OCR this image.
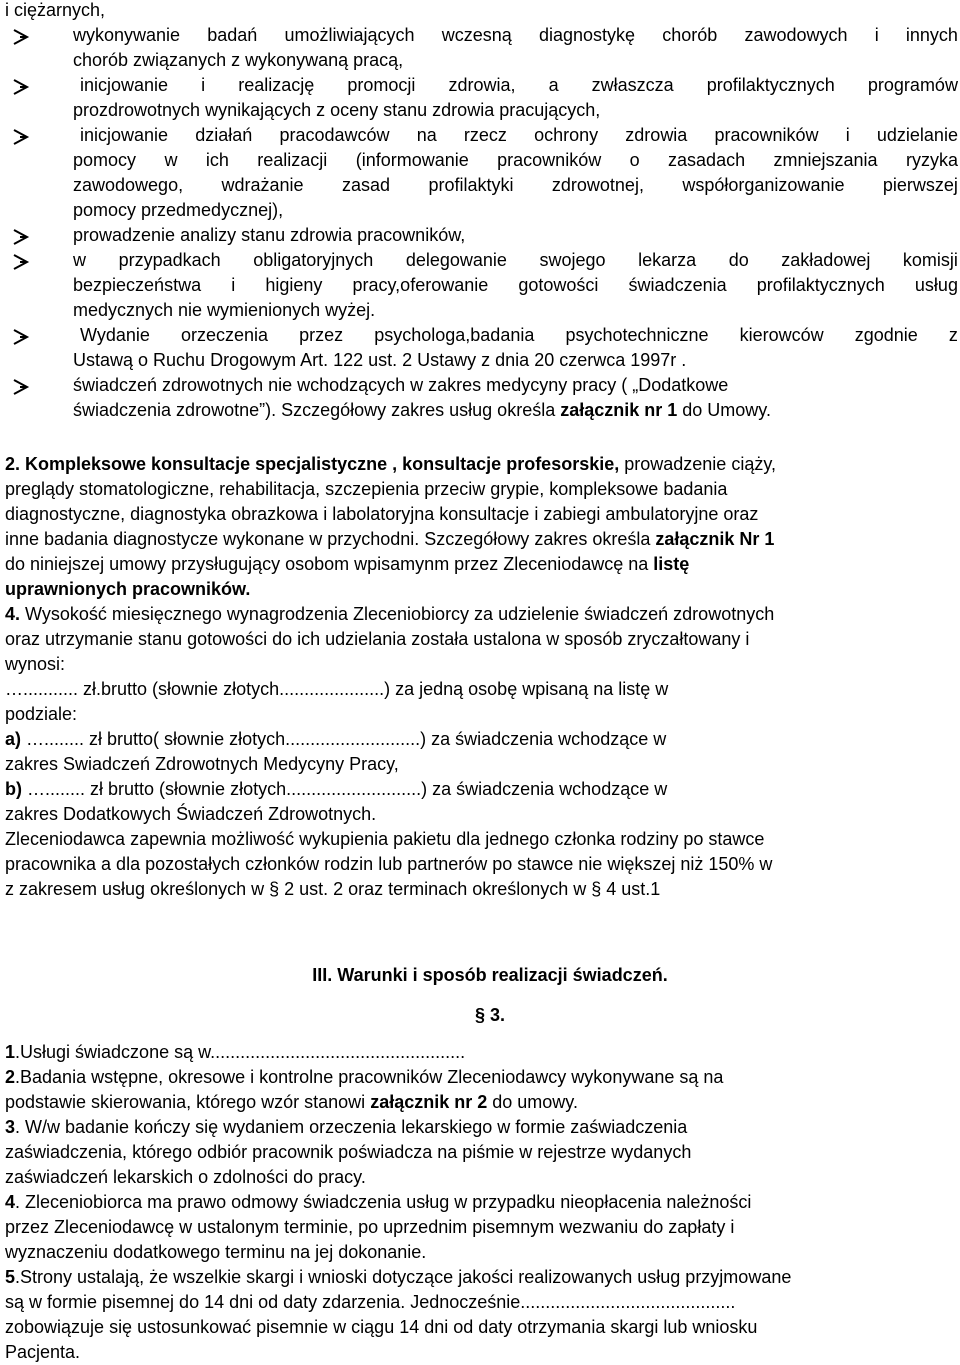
i ciężarnych,
wykonywanie badań umożliwiających wczesną diagnostykę chorób zawodowych i innych
chorób związanych z wykonywaną pracą,
inicjowanie i realizację promocji zdrowia, a zwłaszcza profilaktycznych programów
prozdrowotnych wynikających z oceny stanu zdrowia pracujących,
inicjowanie działań pracodawców na rzecz ochrony zdrowia pracowników i udzielanie
pomocy w ich realizacji (informowanie pracowników o zasadach zmniejszania ryzyka
zawodowego, wdrażanie zasad profilaktyki zdrowotnej, współorganizowanie pierwszej
pomocy przedmedycznej),
prowadzenie analizy stanu zdrowia pracowników,
w przypadkach obligatoryjnych delegowanie swojego lekarza do zakładowej komisji
bezpieczeństwa i higieny pracy,oferowanie gotowości świadczenia profilaktycznych usług
medycznych nie wymienionych wyżej.
Wydanie orzeczenia przez psychologa,badania psychotechniczne kierowców zgodnie z
Ustawą o Ruchu Drogowym Art. 122 ust. 2 Ustawy z dnia 20 czerwca 1997r .
świadczeń zdrowotnych nie wchodzących w zakres medycyny pracy ( „Dodatkowe
świadczenia zdrowotne”). Szczegółowy zakres usług określa załącznik nr 1 do Umowy.
2. Kompleksowe konsultacje specjalistyczne , konsultacje profesorskie, prowadzenie ciąży,
preglądy stomatologiczne, rehabilitacja, szczepienia przeciw grypie, kompleksowe badania
diagnostyczne, diagnostyka obrazkowa i labolatoryjna konsultacje i zabiegi ambulatoryjne oraz
inne badania diagnostycze wykonane w przychodni. Szczegółowy zakres określa załącznik Nr 1
do niniejszej umowy przysługujący osobom wpisamynm przez Zleceniodawcę na listę
uprawnionych pracowników.
4. Wysokość miesięcznego wynagrodzenia Zleceniobiorcy za udzielenie świadczeń zdrowotnych
oraz utrzymanie stanu gotowości do ich udzielania została ustalona w sposób zryczałtowany i
wynosi:
…........... zł.brutto (słownie złotych.....................) za jedną osobę wpisaną na listę w
podziale:
a) …........ zł brutto( słownie złotych...........................) za świadczenia wchodzące w
zakres Swiadczeń Zdrowotnych Medycyny Pracy,
b) …........ zł brutto (słownie złotych...........................) za świadczenia wchodzące w
zakres Dodatkowych Świadczeń Zdrowotnych.
Zleceniodawca zapewnia możliwość wykupienia pakietu dla jednego członka rodziny po stawce
pracownika a dla pozostałych członków rodzin lub partnerów po stawce nie większej niż 150% w
z zakresem usług określonych w § 2 ust. 2 oraz terminach określonych w § 4 ust.1
III. Warunki i sposób realizacji świadczeń.
§ 3.
1.Usługi świadczone są w...................................................
2.Badania wstępne, okresowe i kontrolne pracowników Zleceniodawcy wykonywane są na
podstawie skierowania, którego wzór stanowi załącznik nr 2 do umowy.
3. W/w badanie kończy się wydaniem orzeczenia lekarskiego w formie zaświadczenia
zaświadczenia, którego odbiór pracownik poświadcza na piśmie w rejestrze wydanych
zaświadczeń lekarskich o zdolności do pracy.
4. Zleceniobiorca ma prawo odmowy świadczenia usług w przypadku nieopłacenia należności
przez Zleceniodawcę w ustalonym terminie, po uprzednim pisemnym wezwaniu do zapłaty i
wyznaczeniu dodatkowego terminu na jej dokonanie.
5.Strony ustalają, że wszelkie skargi i wnioski dotyczące jakości realizowanych usług przyjmowane
są w formie pisemnej do 14 dni od daty zdarzenia. Jednocześnie...........................................
zobowiązuje się ustosunkować pisemnie w ciągu 14 dni od daty otrzymania skargi lub wniosku
Pacjenta.
